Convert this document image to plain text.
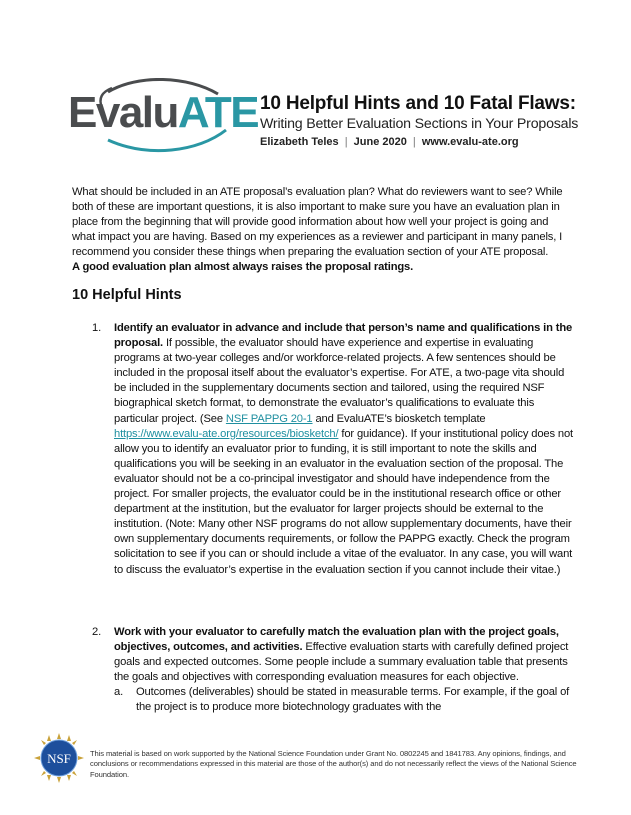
EvaluATE 10 Helpful Hints and 10 Fatal Flaws:
Writing Better Evaluation Sections in Your Proposals
Elizabeth Teles | June 2020 | www.evalu-ate.org
What should be included in an ATE proposal’s evaluation plan? What do reviewers want to see? While both of these are important questions, it is also important to make sure you have an evaluation plan in place from the beginning that will provide good information about how well your project is going and what impact you are having. Based on my experiences as a reviewer and participant in many panels, I recommend you consider these things when preparing the evaluation section of your ATE proposal.
A good evaluation plan almost always raises the proposal ratings.
10 Helpful Hints
1. Identify an evaluator in advance and include that person’s name and qualifications in the proposal. If possible, the evaluator should have experience and expertise in evaluating programs at two-year colleges and/or workforce-related projects. A few sentences should be included in the proposal itself about the evaluator’s expertise. For ATE, a two-page vita should be included in the supplementary documents section and tailored, using the required NSF biographical sketch format, to demonstrate the evaluator’s qualifications to evaluate this particular project. (See NSF PAPPG 20-1 and EvaluATE’s biosketch template https://www.evalu-ate.org/resources/biosketch/ for guidance). If your institutional policy does not allow you to identify an evaluator prior to funding, it is still important to note the skills and qualifications you will be seeking in an evaluator in the evaluation section of the proposal. The evaluator should not be a co-principal investigator and should have independence from the project. For smaller projects, the evaluator could be in the institutional research office or other department at the institution, but the evaluator for larger projects should be external to the institution. (Note: Many other NSF programs do not allow supplementary documents, have their own supplementary documents requirements, or follow the PAPPG exactly. Check the program solicitation to see if you can or should include a vitae of the evaluator. In any case, you will want to discuss the evaluator’s expertise in the evaluation section if you cannot include their vitae.)
2. Work with your evaluator to carefully match the evaluation plan with the project goals, objectives, outcomes, and activities. Effective evaluation starts with carefully defined project goals and expected outcomes. Some people include a summary evaluation table that presents the goals and objectives with corresponding evaluation measures for each objective.
a. Outcomes (deliverables) should be stated in measurable terms. For example, if the goal of the project is to produce more biotechnology graduates with the
NSF	This material is based on work supported by the National Science Foundation under Grant No. 0802245 and 1841783. Any opinions, findings, and conclusions or recommendations expressed in this material are those of the author(s) and do not necessarily reflect the views of the National Science Foundation.
